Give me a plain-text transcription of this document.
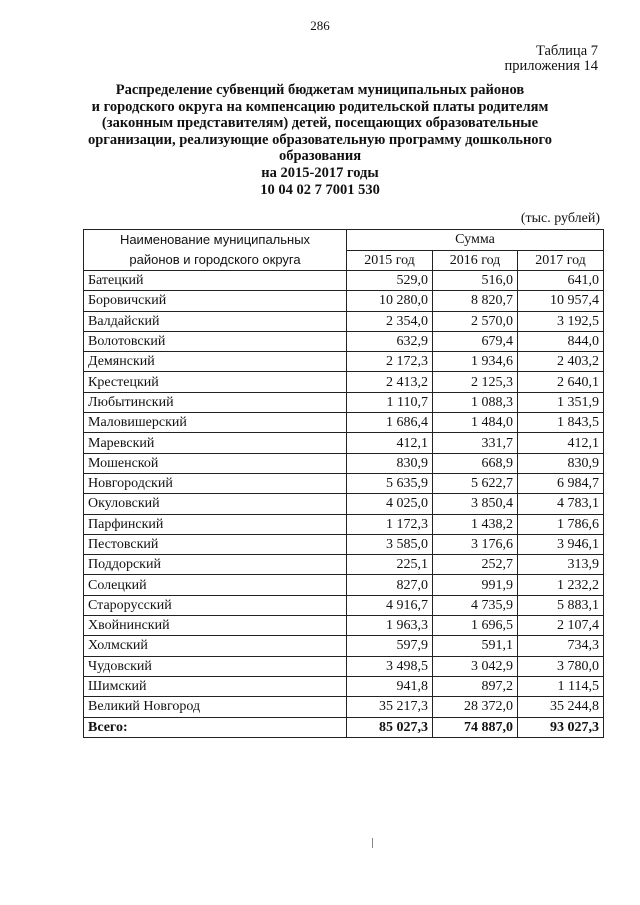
286
Таблица 7
приложения 14
Распределение субвенций бюджетам муниципальных районов
и городского округа на компенсацию родительской платы родителям
(законным представителям) детей, посещающих образовательные
организации, реализующие образовательную программу дошкольного
образования
на 2015-2017 годы
10 04 02 7 7001 530
(тыс. рублей)
Наименование муниципальных
районов и городского округа	Сумма		
	2015 год	2016 год	2017 год
Батецкий	529,0	516,0	641,0
Боровичский	10 280,0	8 820,7	10 957,4
Валдайский	2 354,0	2 570,0	3 192,5
Волотовский	632,9	679,4	844,0
Демянский	2 172,3	1 934,6	2 403,2
Крестецкий	2 413,2	2 125,3	2 640,1
Любытинский	1 110,7	1 088,3	1 351,9
Маловишерский	1 686,4	1 484,0	1 843,5
Маревский	412,1	331,7	412,1
Мошенской	830,9	668,9	830,9
Новгородский	5 635,9	5 622,7	6 984,7
Окуловский	4 025,0	3 850,4	4 783,1
Парфинский	1 172,3	1 438,2	1 786,6
Пестовский	3 585,0	3 176,6	3 946,1
Поддорский	225,1	252,7	313,9
Солецкий	827,0	991,9	1 232,2
Старорусский	4 916,7	4 735,9	5 883,1
Хвойнинский	1 963,3	1 696,5	2 107,4
Холмский	597,9	591,1	734,3
Чудовский	3 498,5	3 042,9	3 780,0
Шимский	941,8	897,2	1 114,5
Великий Новгород	35 217,3	28 372,0	35 244,8
Всего:	85 027,3	74 887,0	93 027,3
